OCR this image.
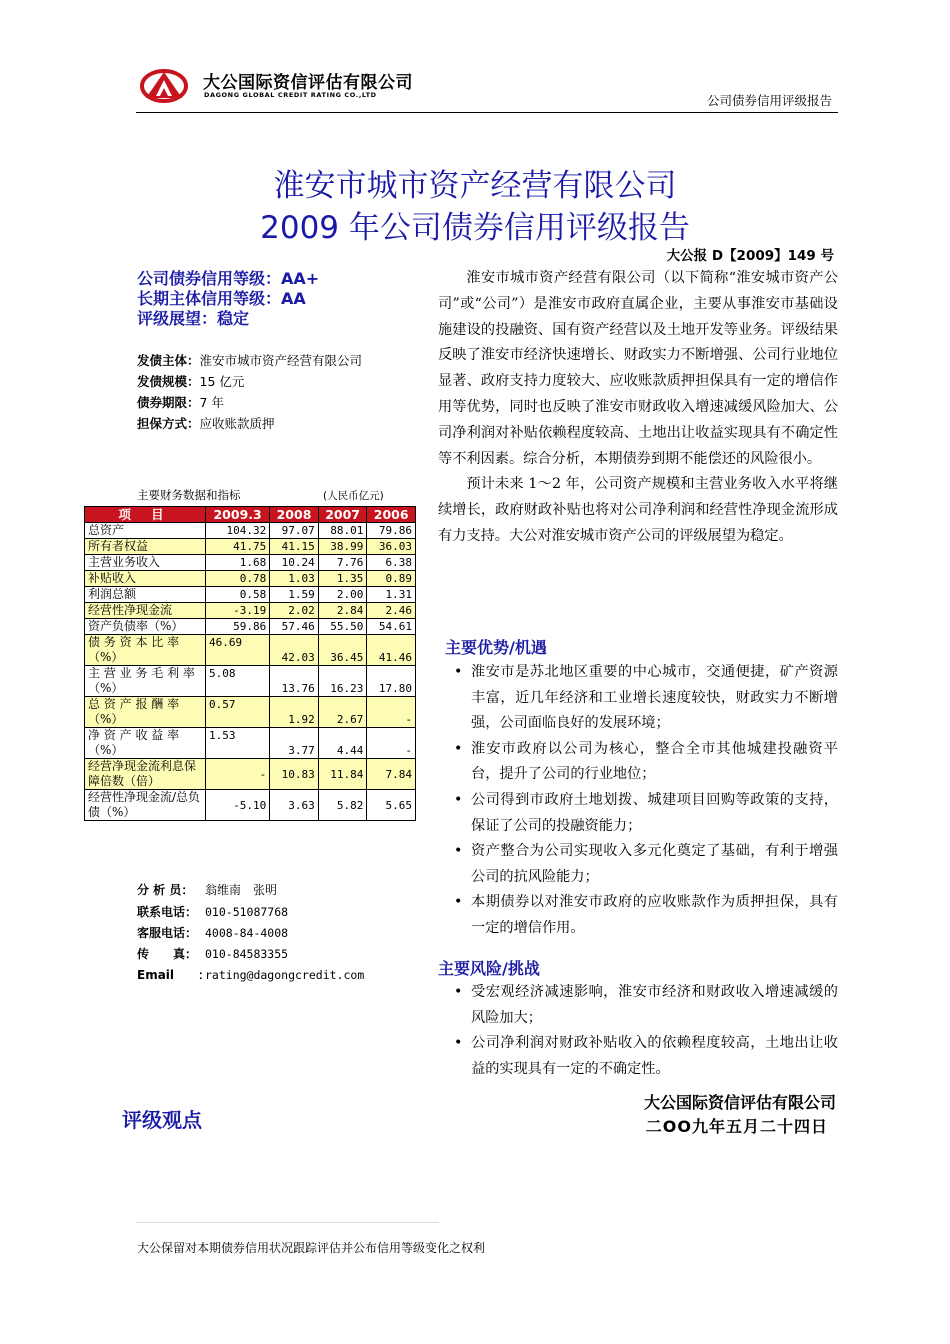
大公国际资信评估有限公司
DAGONG GLOBAL CREDIT RATING CO.,LTD	公司债券信用评级报告
淮安市城市资产经营有限公司
2009 年公司债券信用评级报告
大公报 D【2009】149 号
公司债券信用等级：AA+
长期主体信用等级：AA
评级展望：稳定
发债主体：淮安市城市资产经营有限公司
发债规模：15 亿元
债券期限：7 年
担保方式：应收账款质押
主要财务数据和指标	(人民币亿元)
项 目	2009.3	2008	2007	2006
总资产	104.32	97.07	88.01	79.86
所有者权益	41.75	41.15	38.99	36.03
主营业务收入	1.68	10.24	7.76	6.38
补贴收入	0.78	1.03	1.35	0.89
利润总额	0.58	1.59	2.00	1.31
经营性净现金流	-3.19	2.02	2.84	2.46
资产负债率（%）	59.86	57.46	55.50	54.61
债 务 资 本 比 率（%）	46.69	42.03	36.45	41.46
主 营 业 务 毛 利 率（%）	5.08	13.76	16.23	17.80
总 资 产 报 酬 率（%）	0.57	1.92	2.67	-
净 资 产 收 益 率（%）	1.53	3.77	4.44	-
经营净现金流利息保障倍数（倍）	-	10.83	11.84	7.84
经营性净现金流/总负债（%）	-5.10	3.63	5.82	5.65
分 析 员： 翁维南　张明
联系电话： 010-51087768
客服电话： 4008-84-4008
传　　真： 010-84583355
Email　　：rating@dagongcredit.com
评级观点

淮安市城市资产经营有限公司（以下简称“淮安城市资产公司”或“公司”）是淮安市政府直属企业，主要从事淮安市基础设施建设的投融资、国有资产经营以及土地开发等业务。评级结果反映了淮安市经济快速增长、财政实力不断增强、公司行业地位显著、政府支持力度较大、应收账款质押担保具有一定的增信作用等优势，同时也反映了淮安市财政收入增速减缓风险加大、公司净利润对补贴依赖程度较高、土地出让收益实现具有不确定性等不利因素。综合分析，本期债券到期不能偿还的风险很小。

预计未来 1～2 年，公司资产规模和主营业务收入水平将继续增长，政府财政补贴也将对公司净利润和经营性净现金流形成有力支持。大公对淮安城市资产公司的评级展望为稳定。

主要优势/机遇
• 淮安市是苏北地区重要的中心城市，交通便捷，矿产资源丰富，近几年经济和工业增长速度较快，财政实力不断增强，公司面临良好的发展环境；
• 淮安市政府以公司为核心，整合全市其他城建投融资平台，提升了公司的行业地位；
• 公司得到市政府土地划拨、城建项目回购等政策的支持，保证了公司的投融资能力；
• 资产整合为公司实现收入多元化奠定了基础，有利于增强公司的抗风险能力；
• 本期债券以对淮安市政府的应收账款作为质押担保，具有一定的增信作用。
主要风险/挑战
• 受宏观经济减速影响，淮安市经济和财政收入增速减缓的风险加大；
• 公司净利润对财政补贴收入的依赖程度较高，土地出让收益的实现具有一定的不确定性。
大公国际资信评估有限公司
二OO九年五月二十四日
大公保留对本期债券信用状况跟踪评估并公布信用等级变化之权利
